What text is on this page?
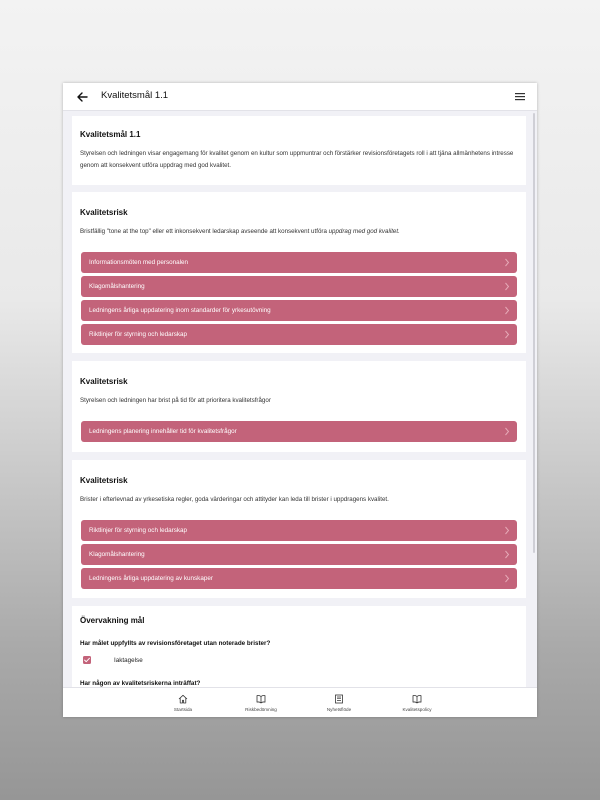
Kvalitetsmål 1.1
Kvalitetsmål 1.1
Styrelsen och ledningen visar engagemang för kvalitet genom en kultur som uppmuntrar och förstärker revisionsföretagets roll i att tjäna allmänhetens intresse genom att konsekvent utföra uppdrag med god kvalitet.
Kvalitetsrisk
Bristfällig "tone at the top" eller ett inkonsekvent ledarskap avseende att konsekvent utföra uppdrag med god kvalitet.
Informationsmöten med personalen
Klagomålshantering
Ledningens årliga uppdatering inom standarder för yrkesutövning
Riktlinjer för styrning och ledarskap
Kvalitetsrisk
Styrelsen och ledningen har brist på tid för att prioritera kvalitetsfrågor
Ledningens planering innehåller tid för kvalitetsfrågor
Kvalitetsrisk
Brister i efterlevnad av yrkesetiska regler, goda värderingar och attityder kan leda till brister i uppdragens kvalitet.
Riktlinjer för styrning och ledarskap
Klagomålshantering
Ledningens årliga uppdatering av kunskaper
Övervakning mål
Har målet uppfyllts av revisionsföretaget utan noterade brister?
Iaktagelse
Har någon av kvalitetsriskerna inträffat?
Startsida	Riskbedömning	Nyhetsflöde	Kvalitetspolicy
